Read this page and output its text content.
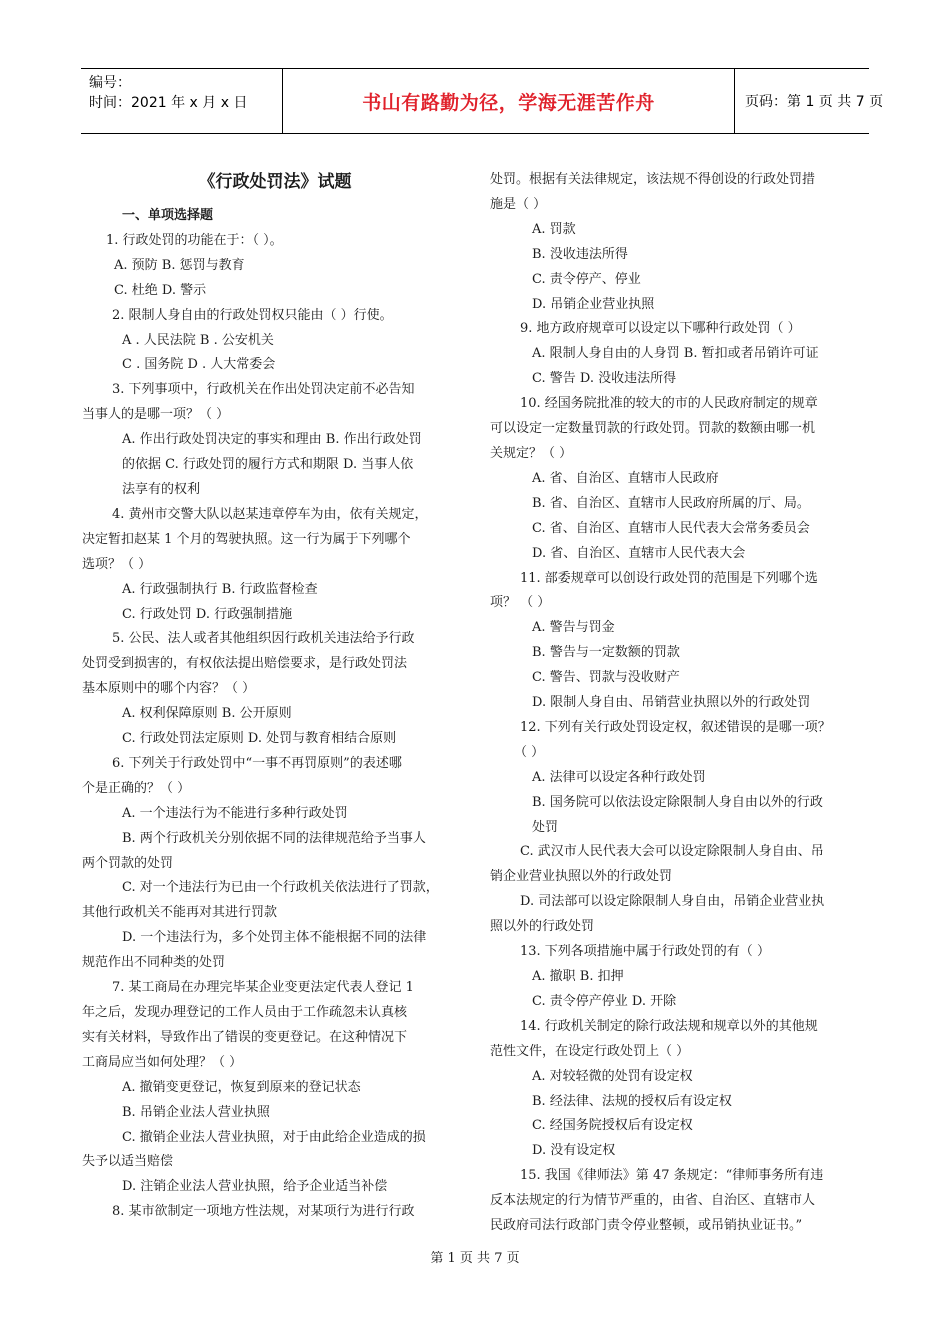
编号：
时间：2021 年 x 月 x 日	书山有路勤为径，学海无涯苦作舟	页码：第 1 页 共 7 页
《行政处罚法》试题

一、单项选择题

1. 行政处罚的功能在于：（ ）。

A. 预防 B. 惩罚与教育

C. 杜绝 D. 警示

2. 限制人身自由的行政处罚权只能由（ ）行使。

A . 人民法院 B . 公安机关

C . 国务院 D . 人大常委会

3. 下列事项中，行政机关在作出处罚决定前不必告知

当事人的是哪一项？（ ）

A. 作出行政处罚决定的事实和理由 B. 作出行政处罚

的依据 C. 行政处罚的履行方式和期限 D. 当事人依

法享有的权利

4. 黄州市交警大队以赵某违章停车为由，依有关规定，

决定暂扣赵某 1 个月的驾驶执照。这一行为属于下列哪个

选项？（ ）

A. 行政强制执行 B. 行政监督检查

C. 行政处罚 D. 行政强制措施

5. 公民、法人或者其他组织因行政机关违法给予行政

处罚受到损害的，有权依法提出赔偿要求，是行政处罚法

基本原则中的哪个内容？（ ）

A. 权利保障原则 B. 公开原则

C. 行政处罚法定原则 D. 处罚与教育相结合原则

6. 下列关于行政处罚中“一事不再罚原则”的表述哪

个是正确的？（ ）

A. 一个违法行为不能进行多种行政处罚

B. 两个行政机关分别依据不同的法律规范给予当事人

两个罚款的处罚

C. 对一个违法行为已由一个行政机关依法进行了罚款，

其他行政机关不能再对其进行罚款

D. 一个违法行为，多个处罚主体不能根据不同的法律

规范作出不同种类的处罚

7. 某工商局在办理完毕某企业变更法定代表人登记 1

年之后，发现办理登记的工作人员由于工作疏忽未认真核

实有关材料，导致作出了错误的变更登记。在这种情况下

工商局应当如何处理？（ ）

A. 撤销变更登记，恢复到原来的登记状态

B. 吊销企业法人营业执照

C. 撤销企业法人营业执照，对于由此给企业造成的损

失予以适当赔偿

D. 注销企业法人营业执照，给予企业适当补偿

8. 某市欲制定一项地方性法规，对某项行为进行行政

处罚。根据有关法律规定，该法规不得创设的行政处罚措

施是（ ）

A. 罚款

B. 没收违法所得

C. 责令停产、停业

D. 吊销企业营业执照

9. 地方政府规章可以设定以下哪种行政处罚（ ）

A. 限制人身自由的人身罚 B. 暂扣或者吊销许可证

C. 警告 D. 没收违法所得

10. 经国务院批准的较大的市的人民政府制定的规章

可以设定一定数量罚款的行政处罚。罚款的数额由哪一机

关规定？（ ）

A. 省、自治区、直辖市人民政府

B. 省、自治区、直辖市人民政府所属的厅、局。

C. 省、自治区、直辖市人民代表大会常务委员会

D. 省、自治区、直辖市人民代表大会

11. 部委规章可以创设行政处罚的范围是下列哪个选

项？ （ ）

A. 警告与罚金

B. 警告与一定数额的罚款

C. 警告、罚款与没收财产

D. 限制人身自由、吊销营业执照以外的行政处罚

12. 下列有关行政处罚设定权，叙述错误的是哪一项？

（ ）

A. 法律可以设定各种行政处罚

B. 国务院可以依法设定除限制人身自由以外的行政

处罚

C. 武汉市人民代表大会可以设定除限制人身自由、吊

销企业营业执照以外的行政处罚

D. 司法部可以设定除限制人身自由，吊销企业营业执

照以外的行政处罚

13. 下列各项措施中属于行政处罚的有（ ）

A. 撤职 B. 扣押

C. 责令停产停业 D. 开除

14. 行政机关制定的除行政法规和规章以外的其他规

范性文件，在设定行政处罚上（ ）

A. 对较轻微的处罚有设定权

B. 经法律、法规的授权后有设定权

C. 经国务院授权后有设定权

D. 没有设定权

15. 我国《律师法》第 47 条规定：“律师事务所有违

反本法规定的行为情节严重的，由省、自治区、直辖市人

民政府司法行政部门责令停业整顿，或吊销执业证书。”

第 1 页 共 7 页
